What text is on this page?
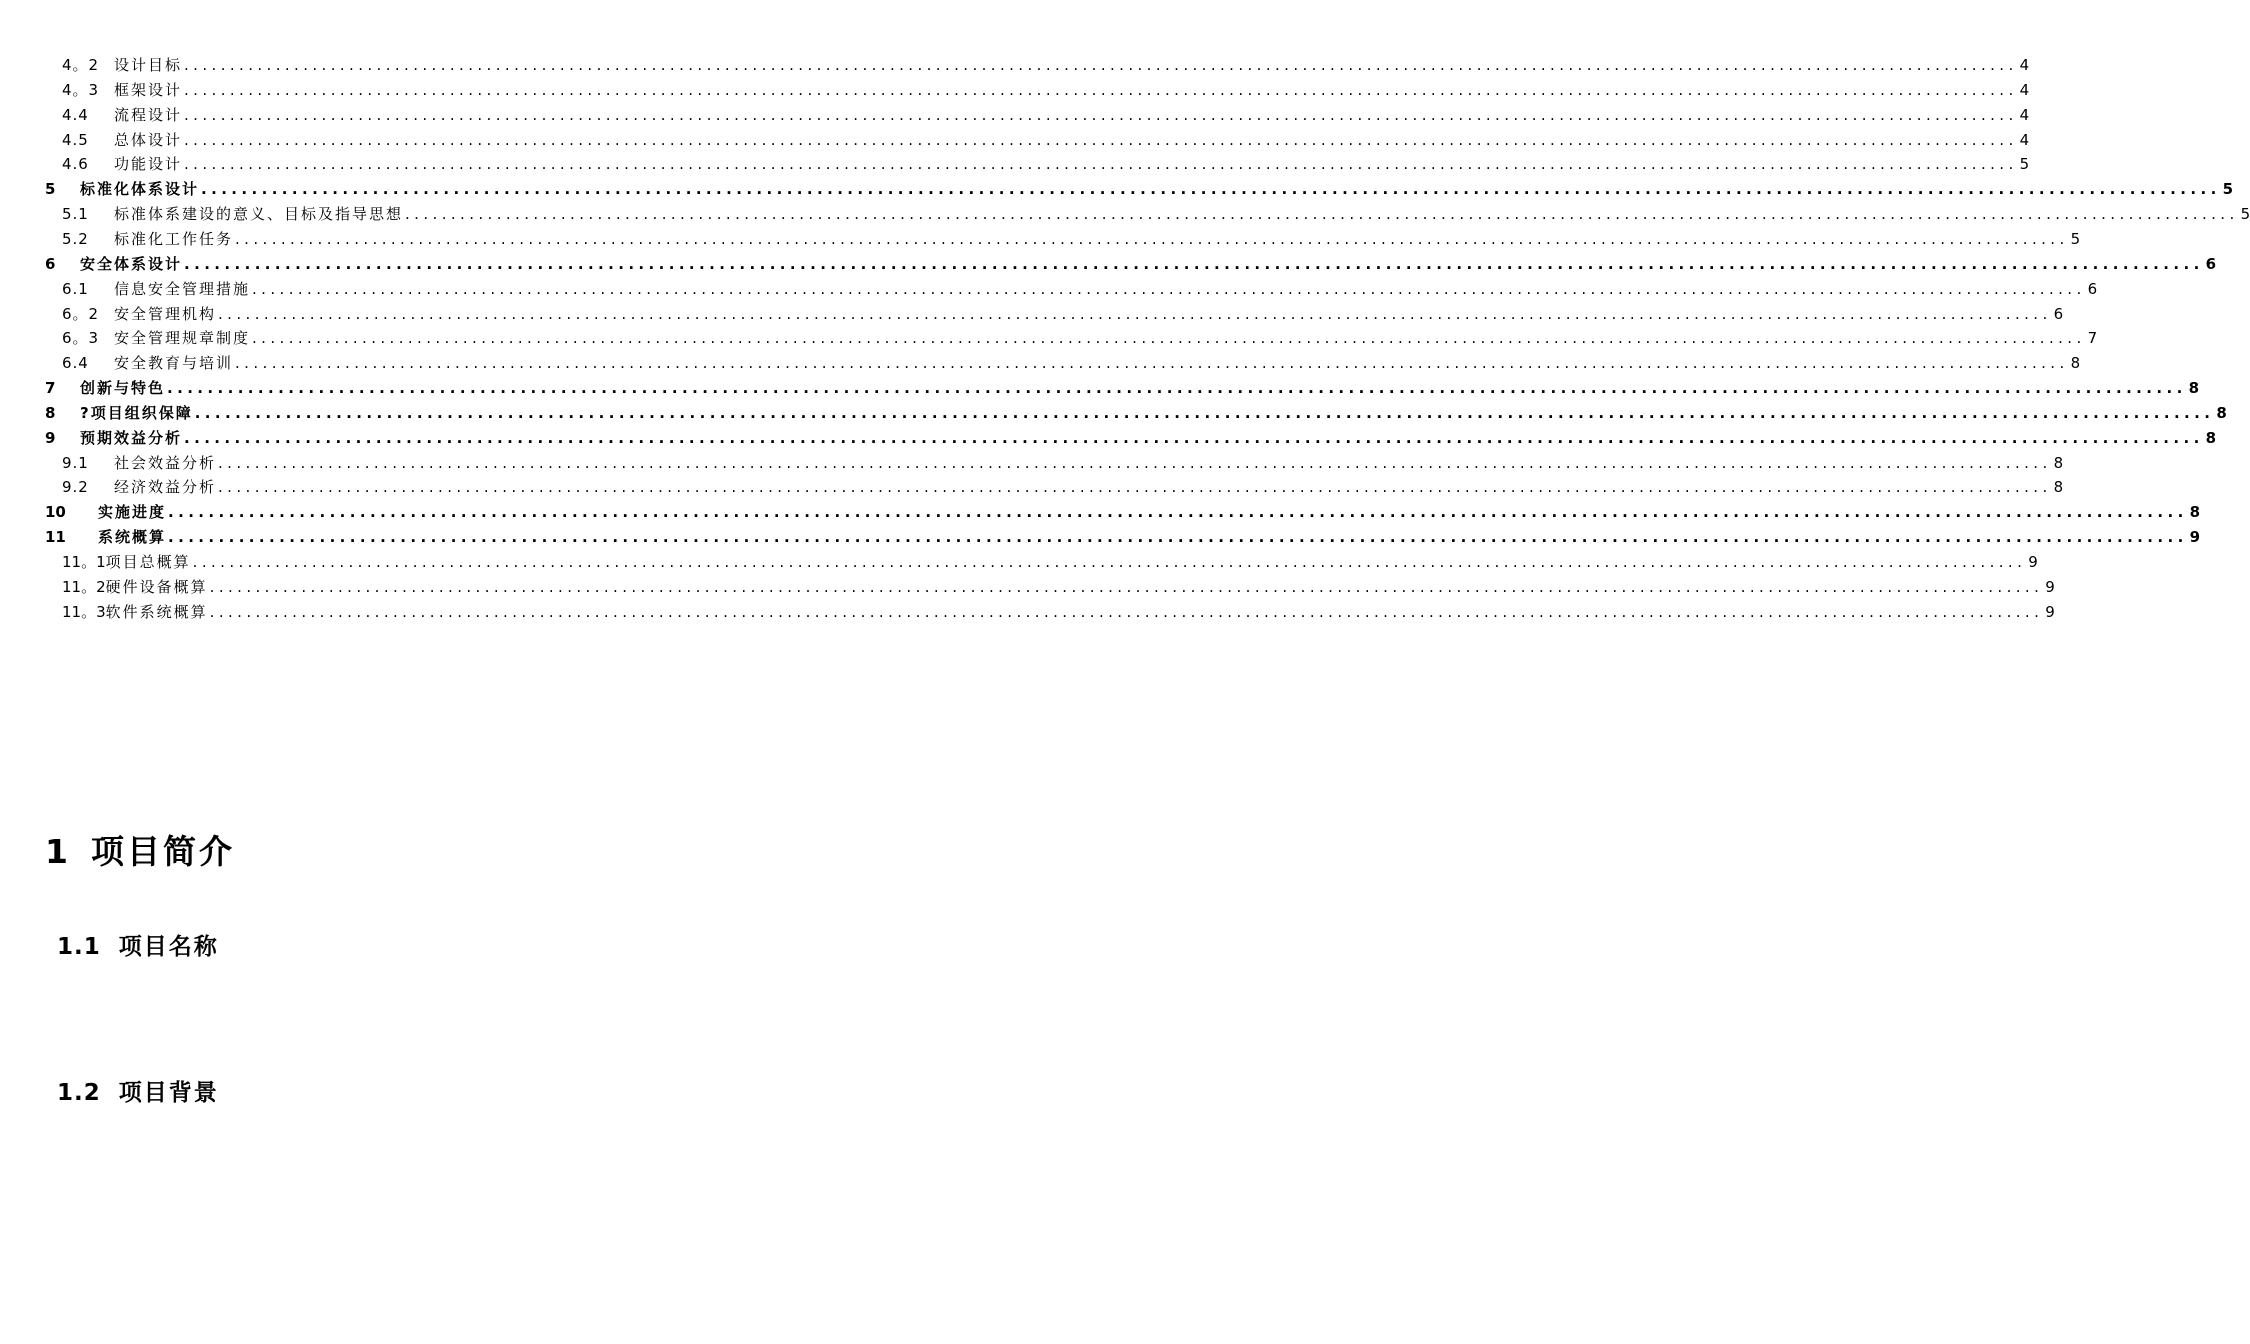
4。2 设计目标 ........................................................................................................................................................................................................ 4
4。3 框架设计 ........................................................................................................................................................................................................ 4
4.4	流程设计 ........................................................................................................................................................................................................ 4
4.5	总体设计 ........................................................................................................................................................................................................ 4
4.6	功能设计 ........................................................................................................................................................................................................ 5
5	标准化体系设计 ........................................................................................................................................................................................................ 5
5.1	标准体系建设的意义、目标及指导思想 ........................................................................................................................................................................................................ 5
5.2	标准化工作任务 ........................................................................................................................................................................................................ 5
6	安全体系设计 ........................................................................................................................................................................................................ 6
6.1	信息安全管理措施 ........................................................................................................................................................................................................ 6
6。2 安全管理机构 ........................................................................................................................................................................................................ 6
6。3 安全管理规章制度 ........................................................................................................................................................................................................ 7
6.4	安全教育与培训 ........................................................................................................................................................................................................ 8
7	创新与特色 ........................................................................................................................................................................................................ 8
8	?项目组织保障 ........................................................................................................................................................................................................ 8
9	预期效益分析 ........................................................................................................................................................................................................ 8
9.1	社会效益分析 ........................................................................................................................................................................................................ 8
9.2	经济效益分析 ........................................................................................................................................................................................................ 8
10	实施进度 ........................................................................................................................................................................................................ 8
11	系统概算 ........................................................................................................................................................................................................ 9
11。1 项目总概算 ........................................................................................................................................................................................................ 9
11。2 硬件设备概算 ........................................................................................................................................................................................................ 9
11。3 软件系统概算 ........................................................................................................................................................................................................ 9
1 项目简介
1.1 项目名称
1.2 项目背景
